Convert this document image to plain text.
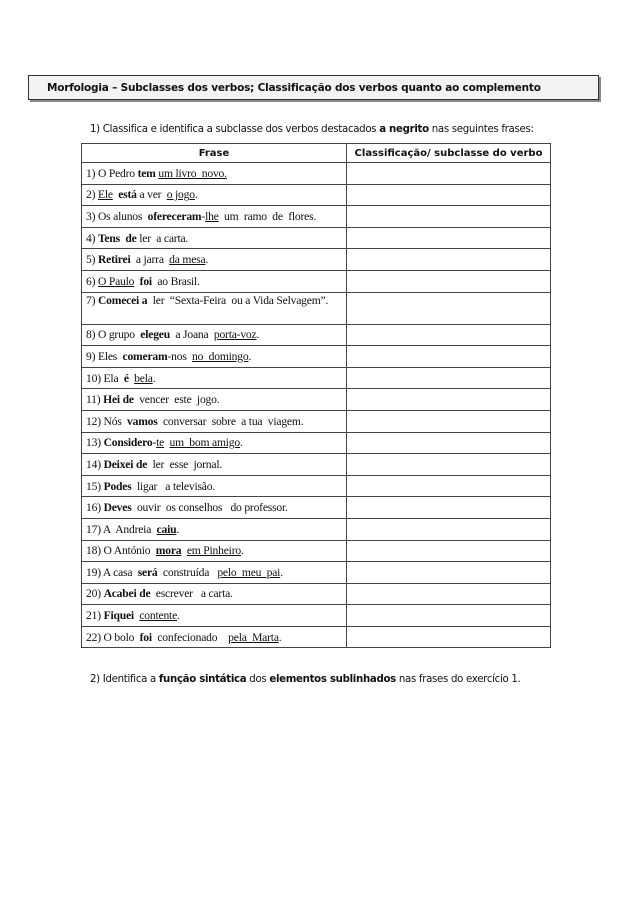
Morfologia – Subclasses dos verbos; Classificação dos verbos quanto ao complemento
1) Classifica e identifica a subclasse dos verbos destacados a negrito nas seguintes frases:
Frase	Classificação/ subclasse do verbo
1) O Pedro tem um livro  novo.	
2) Ele está a ver  o jogo.	
3) Os alunos  ofereceram-lhe  um  ramo  de  flores.	
4) Tens  de ler  a carta.	
5) Retirei  a jarra  da mesa.	
6) O Paulo foi  ao Brasil.	
7) Comecei a  ler  “Sexta-Feira  ou a Vida Selvagem”.	
8) O grupo  elegeu  a Joana  porta-voz.	
9) Eles  comeram-nos  no  domingo.	
10) Ela  é bela.	
11) Hei de  vencer  este  jogo.	
12) Nós  vamos  conversar  sobre  a tua  viagem.	
13) Considero-te um  bom amigo.	
14) Deixei de  ler  esse  jornal.	
15) Podes  ligar   a televisão.	
16) Deves  ouvir  os conselhos   do professor.	
17) A  Andreia  caiu.	
18) O António  mora em Pinheiro.	
19) A casa  será  construída   pelo  meu  pai.	
20) Acabei de  escrever   a carta.	
21) Fiquei contente.	
22) O bolo  foi  confecionado    pela  Marta.	
2) Identifica a função sintática dos elementos sublinhados nas frases do exercício 1.
